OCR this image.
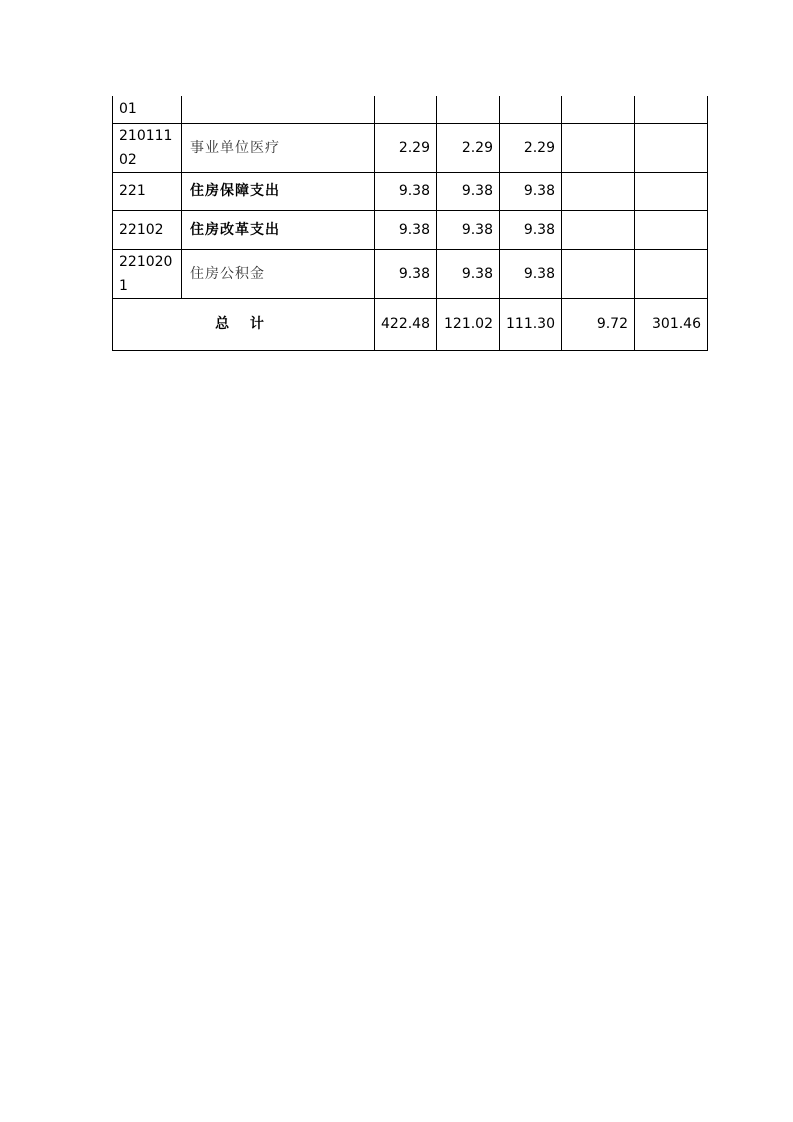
01						
21011102	事业单位医疗	2.29	2.29	2.29		
221	住房保障支出	9.38	9.38	9.38		
22102	住房改革支出	9.38	9.38	9.38		
2210201	住房公积金	9.38	9.38	9.38		
总 计		422.48	121.02	111.30	9.72	301.46
